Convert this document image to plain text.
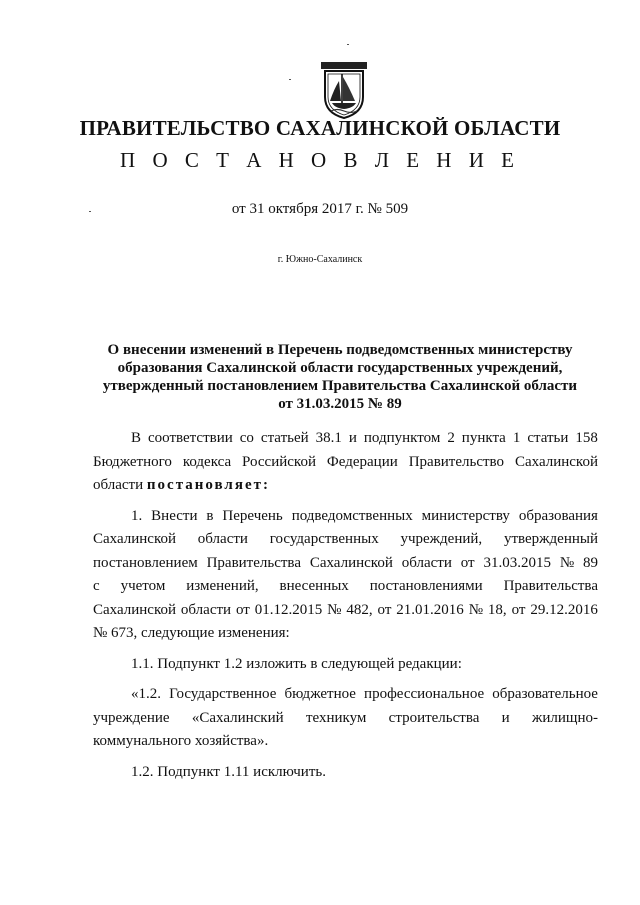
ПРАВИТЕЛЬСТВО САХАЛИНСКОЙ ОБЛАСТИ
П О С Т А Н О В Л Е Н И Е
от 31 октября 2017 г. № 509
г. Южно-Сахалинск
О внесении изменений в Перечень подведомственных министерству
образования Сахалинской области государственных учреждений,
утвержденный постановлением Правительства Сахалинской области
от 31.03.2015 № 89
В соответствии со статьей 38.1 и подпунктом 2 пункта 1 статьи 158
Бюджетного кодекса Российской Федерации Правительство Сахалинской
области постановляет:
1. Внести в Перечень подведомственных министерству образования
Сахалинской области государственных учреждений, утвержденный
постановлением Правительства Сахалинской области от 31.03.2015 № 89
с учетом изменений, внесенных постановлениями Правительства
Сахалинской области от 01.12.2015 № 482, от 21.01.2016 № 18, от 29.12.2016
№ 673, следующие изменения:
1.1. Подпункт 1.2 изложить в следующей редакции:
«1.2. Государственное бюджетное профессиональное образовательное
учреждение «Сахалинский техникум строительства и жилищно-
коммунального хозяйства».
1.2. Подпункт 1.11 исключить.
